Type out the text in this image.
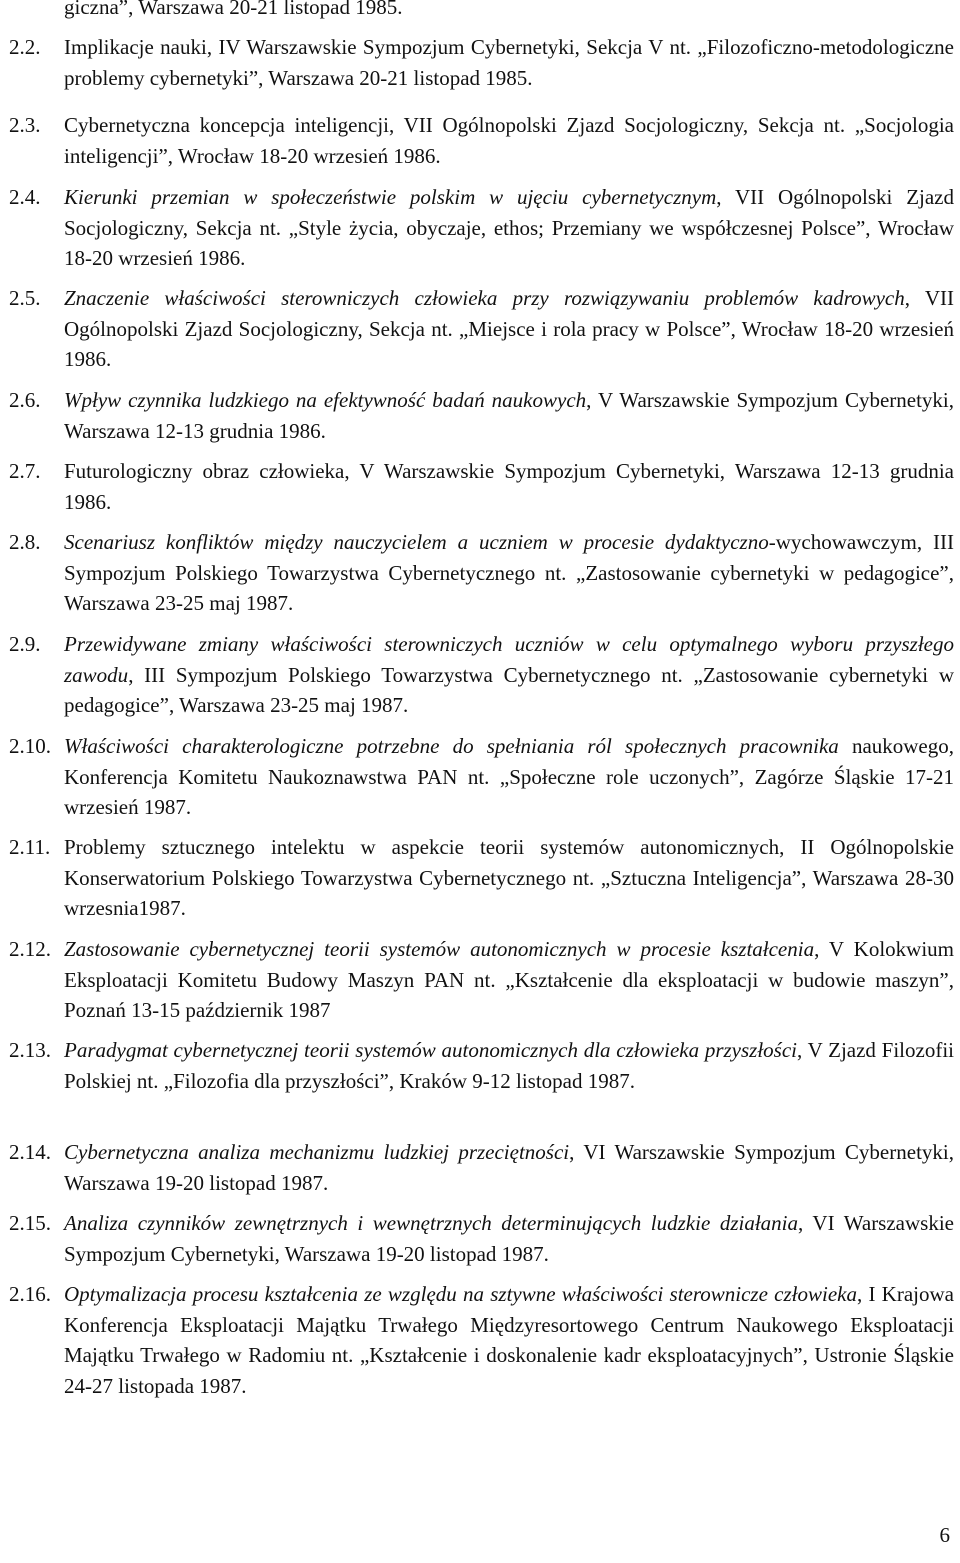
giczna”, Warszawa 20-21 listopad 1985.

2.2.	Implikacje nauki, IV Warszawskie Sympozjum Cybernetyki, Sekcja V nt. „Filozoficzno-metodologiczne problemy cybernetyki”, Warszawa 20-21 listopad 1985.

2.3.	Cybernetyczna koncepcja inteligencji, VII Ogólnopolski Zjazd Socjologiczny, Sekcja nt. „Socjologia inteligencji”, Wrocław 18-20 wrzesień 1986.

2.4.	Kierunki przemian w społeczeństwie polskim w ujęciu cybernetycznym, VII Ogólnopolski Zjazd Socjologiczny, Sekcja nt. „Style życia, obyczaje, ethos; Przemiany we współczesnej Polsce”, Wrocław 18-20 wrzesień 1986.

2.5.	Znaczenie właściwości sterowniczych człowieka przy rozwiązywaniu problemów kadrowych, VII Ogólnopolski Zjazd Socjologiczny, Sekcja nt. „Miejsce i rola pracy w Polsce”, Wrocław 18-20 wrzesień 1986.

2.6.	Wpływ czynnika ludzkiego na efektywność badań naukowych, V Warszawskie Sympozjum Cybernetyki, Warszawa 12-13 grudnia 1986.

2.7.	Futurologiczny obraz człowieka, V Warszawskie Sympozjum Cybernetyki, Warszawa 12-13 grudnia 1986.

2.8.	Scenariusz konfliktów między nauczycielem a uczniem w procesie dydaktyczno-wychowawczym, III Sympozjum Polskiego Towarzystwa Cybernetycznego nt. „Zastosowanie cybernetyki w pedagogice”, Warszawa 23-25 maj 1987.

2.9.	Przewidywane zmiany właściwości sterowniczych uczniów w celu optymalnego wyboru przyszłego zawodu, III Sympozjum Polskiego Towarzystwa Cybernetycznego nt. „Zastosowanie cybernetyki w pedagogice”, Warszawa 23-25 maj 1987.

2.10. Właściwości charakterologiczne potrzebne do spełniania ról społecznych pracownika naukowego, Konferencja Komitetu Naukoznawstwa PAN nt. „Społeczne role uczonych”, Zagórze Śląskie 17-21 wrzesień 1987.

2.11. Problemy sztucznego intelektu w aspekcie teorii systemów autonomicznych, II Ogólnopolskie Konserwatorium Polskiego Towarzystwa Cybernetycznego nt. „Sztuczna Inteligencja”, Warszawa 28-30 wrzesnia1987.

2.12. Zastosowanie cybernetycznej teorii systemów autonomicznych w procesie kształcenia, V Kolokwium Eksploatacji Komitetu Budowy Maszyn PAN nt. „Kształcenie dla eksploatacji w budowie maszyn”, Poznań 13-15 październik 1987

2.13. Paradygmat cybernetycznej teorii systemów autonomicznych dla człowieka przyszłości, V Zjazd Filozofii Polskiej nt. „Filozofia dla przyszłości”, Kraków 9-12 listopad 1987.

2.14. Cybernetyczna analiza mechanizmu ludzkiej przeciętności, VI Warszawskie Sympozjum Cybernetyki, Warszawa 19-20 listopad 1987.

2.15. Analiza czynników zewnętrznych i wewnętrznych determinujących ludzkie działania, VI Warszawskie Sympozjum Cybernetyki, Warszawa 19-20 listopad 1987.

2.16. Optymalizacja procesu kształcenia ze względu na sztywne właściwości sterownicze człowieka, I Krajowa Konferencja Eksploatacji Majątku Trwałego Międzyresortowego Centrum Naukowego Eksploatacji Majątku Trwałego w Radomiu nt. „Kształcenie i doskonalenie kadr eksploatacyjnych”, Ustronie Śląskie 24-27 listopada 1987.

6
